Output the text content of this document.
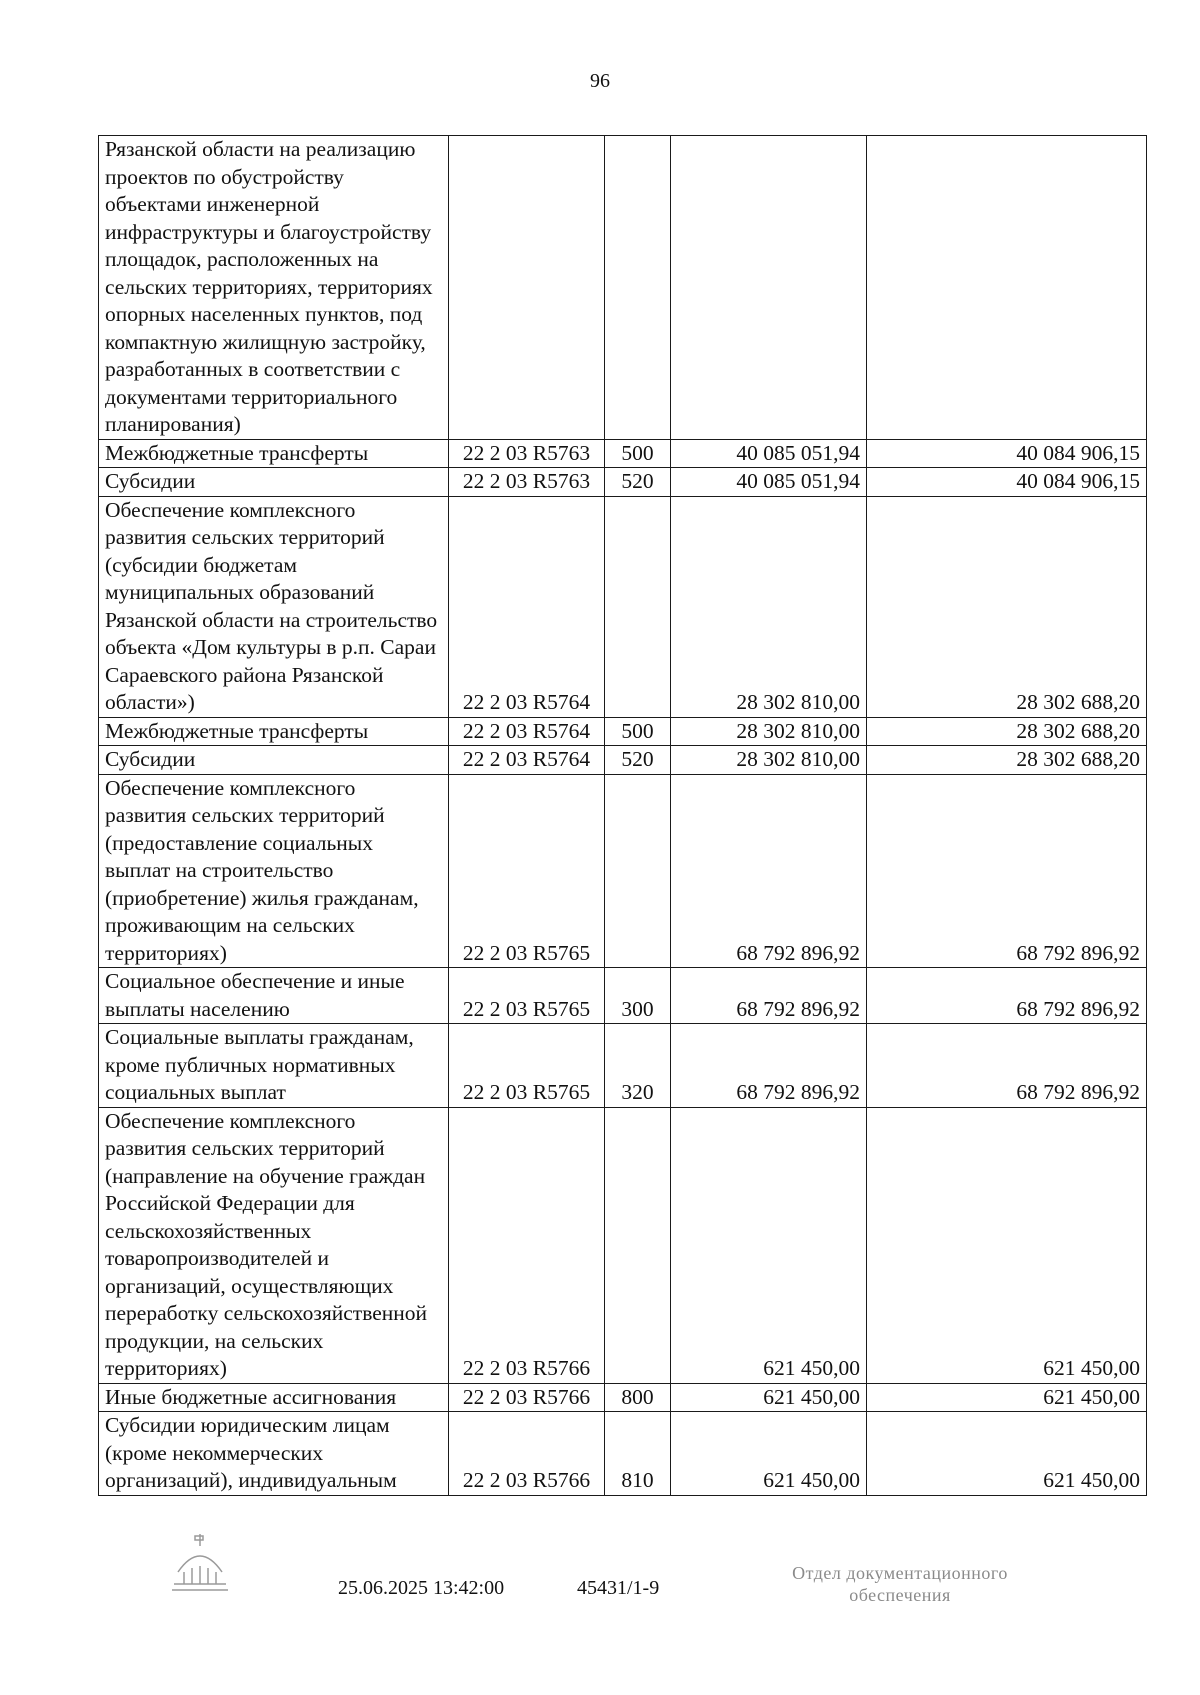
96
Рязанской области на реализацию проектов по обустройству объектами инженерной инфраструктуры и благоустройству площадок, расположенных на сельских территориях, территориях опорных населенных пунктов, под компактную жилищную застройку, разработанных в соответствии с документами территориального планирования)				
Межбюджетные трансферты	22 2 03 R5763	500	40 085 051,94	40 084 906,15
Субсидии	22 2 03 R5763	520	40 085 051,94	40 084 906,15
Обеспечение комплексного развития сельских территорий (субсидии бюджетам муниципальных образований Рязанской области на строительство объекта «Дом культуры в р.п. Сараи Сараевского района Рязанской области»)	22 2 03 R5764		28 302 810,00	28 302 688,20
Межбюджетные трансферты	22 2 03 R5764	500	28 302 810,00	28 302 688,20
Субсидии	22 2 03 R5764	520	28 302 810,00	28 302 688,20
Обеспечение комплексного развития сельских территорий (предоставление социальных выплат на строительство (приобретение) жилья гражданам, проживающим на сельских территориях)	22 2 03 R5765		68 792 896,92	68 792 896,92
Социальное обеспечение и иные выплаты населению	22 2 03 R5765	300	68 792 896,92	68 792 896,92
Социальные выплаты гражданам, кроме публичных нормативных социальных выплат	22 2 03 R5765	320	68 792 896,92	68 792 896,92
Обеспечение комплексного развития сельских территорий (направление на обучение граждан Российской Федерации для сельскохозяйственных товаропроизводителей и организаций, осуществляющих переработку сельскохозяйственной продукции, на сельских территориях)	22 2 03 R5766		621 450,00	621 450,00
Иные бюджетные ассигнования	22 2 03 R5766	800	621 450,00	621 450,00
Субсидии юридическим лицам (кроме некоммерческих организаций), индивидуальным	22 2 03 R5766	810	621 450,00	621 450,00
25.06.2025 13:42:00	45431/1-9
Отдел документационного
обеспечения
